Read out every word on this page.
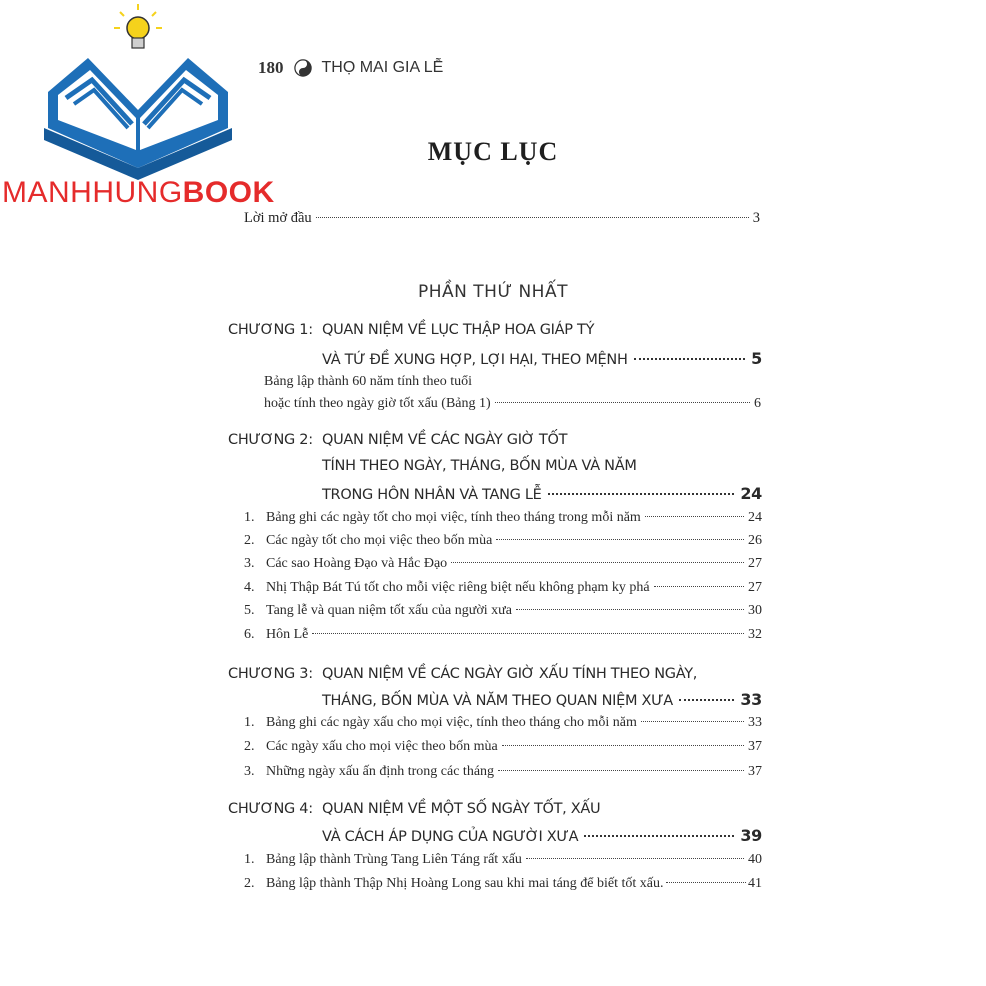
MANHHUNGBOOK
180 THỌ MAI GIA LỄ
MỤC LỤC
Lời mở đầu	3
PHẦN THỨ NHẤT
CHƯƠNG 1: QUAN NIỆM VỀ LỤC THẬP HOA GIÁP TÝ
VÀ TỨ ĐỀ XUNG HỢP, LỢI HẠI, THEO MỆNH	5
Bảng lập thành 60 năm tính theo tuổi
hoặc tính theo ngày giờ tốt xấu (Bảng 1)	6
CHƯƠNG 2: QUAN NIỆM VỀ CÁC NGÀY GIỜ TỐT
TÍNH THEO NGÀY, THÁNG, BỐN MÙA VÀ NĂM
TRONG HÔN NHÂN VÀ TANG LỄ	24
1. Bảng ghi các ngày tốt cho mọi việc, tính theo tháng trong mỗi năm	24
2. Các ngày tốt cho mọi việc theo bốn mùa	26
3. Các sao Hoàng Đạo và Hắc Đạo	27
4. Nhị Thập Bát Tú tốt cho mỗi việc riêng biệt nếu không phạm ky phá	27
5. Tang lễ và quan niệm tốt xấu của người xưa	30
6. Hôn Lễ	32
CHƯƠNG 3: QUAN NIỆM VỀ CÁC NGÀY GIỜ XẤU TÍNH THEO NGÀY,
THÁNG, BỐN MÙA VÀ NĂM THEO QUAN NIỆM XƯA	33
1. Bảng ghi các ngày xấu cho mọi việc, tính theo tháng cho mỗi năm	33
2. Các ngày xấu cho mọi việc theo bốn mùa	37
3. Những ngày xấu ấn định trong các tháng	37
CHƯƠNG 4: QUAN NIỆM VỀ MỘT SỐ NGÀY TỐT, XẤU
VÀ CÁCH ÁP DỤNG CỦA NGƯỜI XƯA	39
1. Bảng lập thành Trùng Tang Liên Táng rất xấu	40
2. Bảng lập thành Thập Nhị Hoàng Long sau khi mai táng để biết tốt xấu.	41
